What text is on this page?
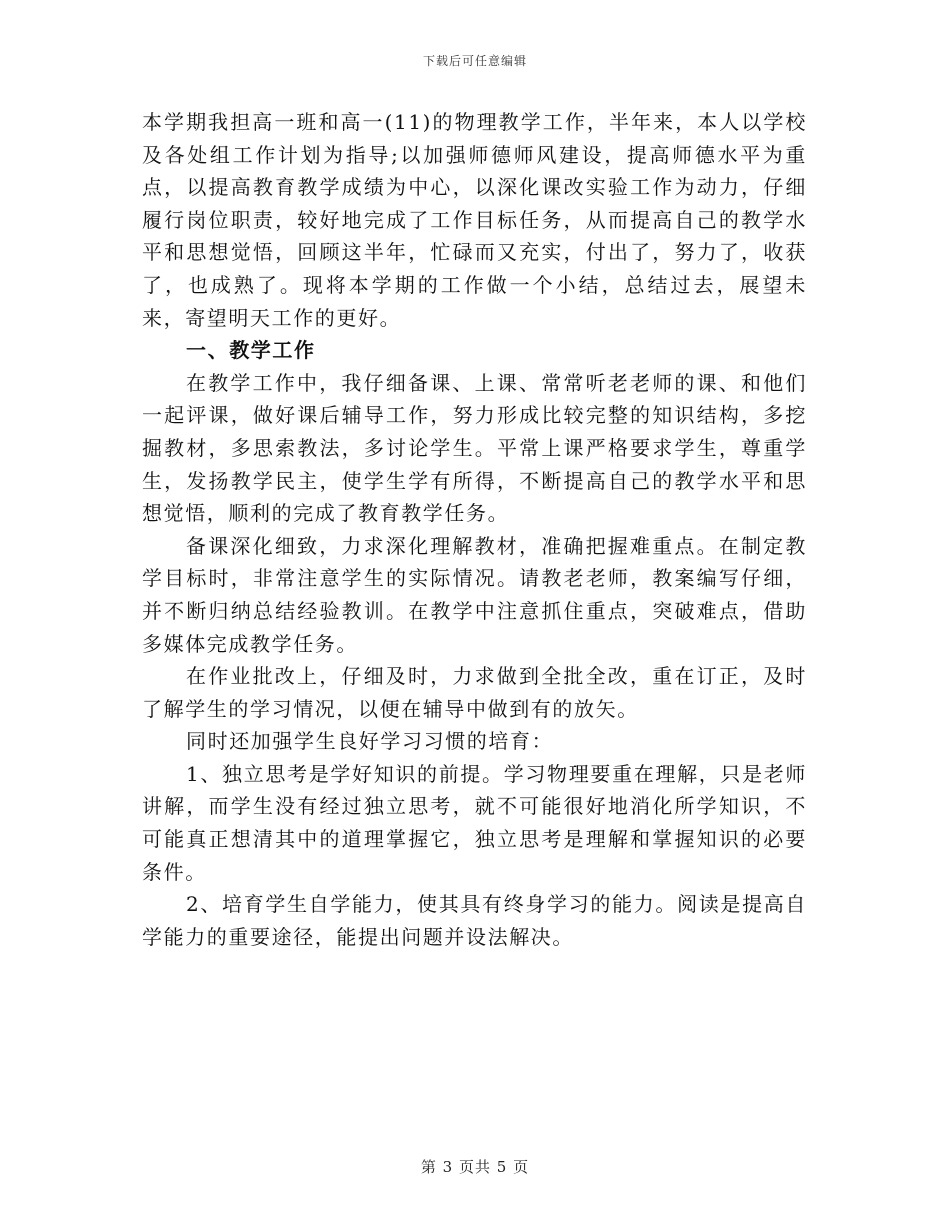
下载后可任意编辑

本学期我担高一班和高一(11)的物理教学工作，半年来，本人以学校及各处组工作计划为指导;以加强师德师风建设，提高师德水平为重点，以提高教育教学成绩为中心，以深化课改实验工作为动力，仔细履行岗位职责，较好地完成了工作目标任务，从而提高自己的教学水平和思想觉悟，回顾这半年，忙碌而又充实，付出了，努力了，收获了，也成熟了。现将本学期的工作做一个小结，总结过去，展望未来，寄望明天工作的更好。

一、教学工作

在教学工作中，我仔细备课、上课、常常听老老师的课、和他们一起评课，做好课后辅导工作，努力形成比较完整的知识结构，多挖掘教材，多思索教法，多讨论学生。平常上课严格要求学生，尊重学生，发扬教学民主，使学生学有所得，不断提高自己的教学水平和思想觉悟，顺利的完成了教育教学任务。

备课深化细致，力求深化理解教材，准确把握难重点。在制定教学目标时，非常注意学生的实际情况。请教老老师，教案编写仔细，并不断归纳总结经验教训。在教学中注意抓住重点，突破难点，借助多媒体完成教学任务。

在作业批改上，仔细及时，力求做到全批全改，重在订正，及时了解学生的学习情况，以便在辅导中做到有的放矢。

同时还加强学生良好学习习惯的培育：

1、独立思考是学好知识的前提。学习物理要重在理解，只是老师讲解，而学生没有经过独立思考，就不可能很好地消化所学知识，不可能真正想清其中的道理掌握它，独立思考是理解和掌握知识的必要条件。

2、培育学生自学能力，使其具有终身学习的能力。阅读是提高自学能力的重要途径，能提出问题并设法解决。

第 3 页共 5 页
